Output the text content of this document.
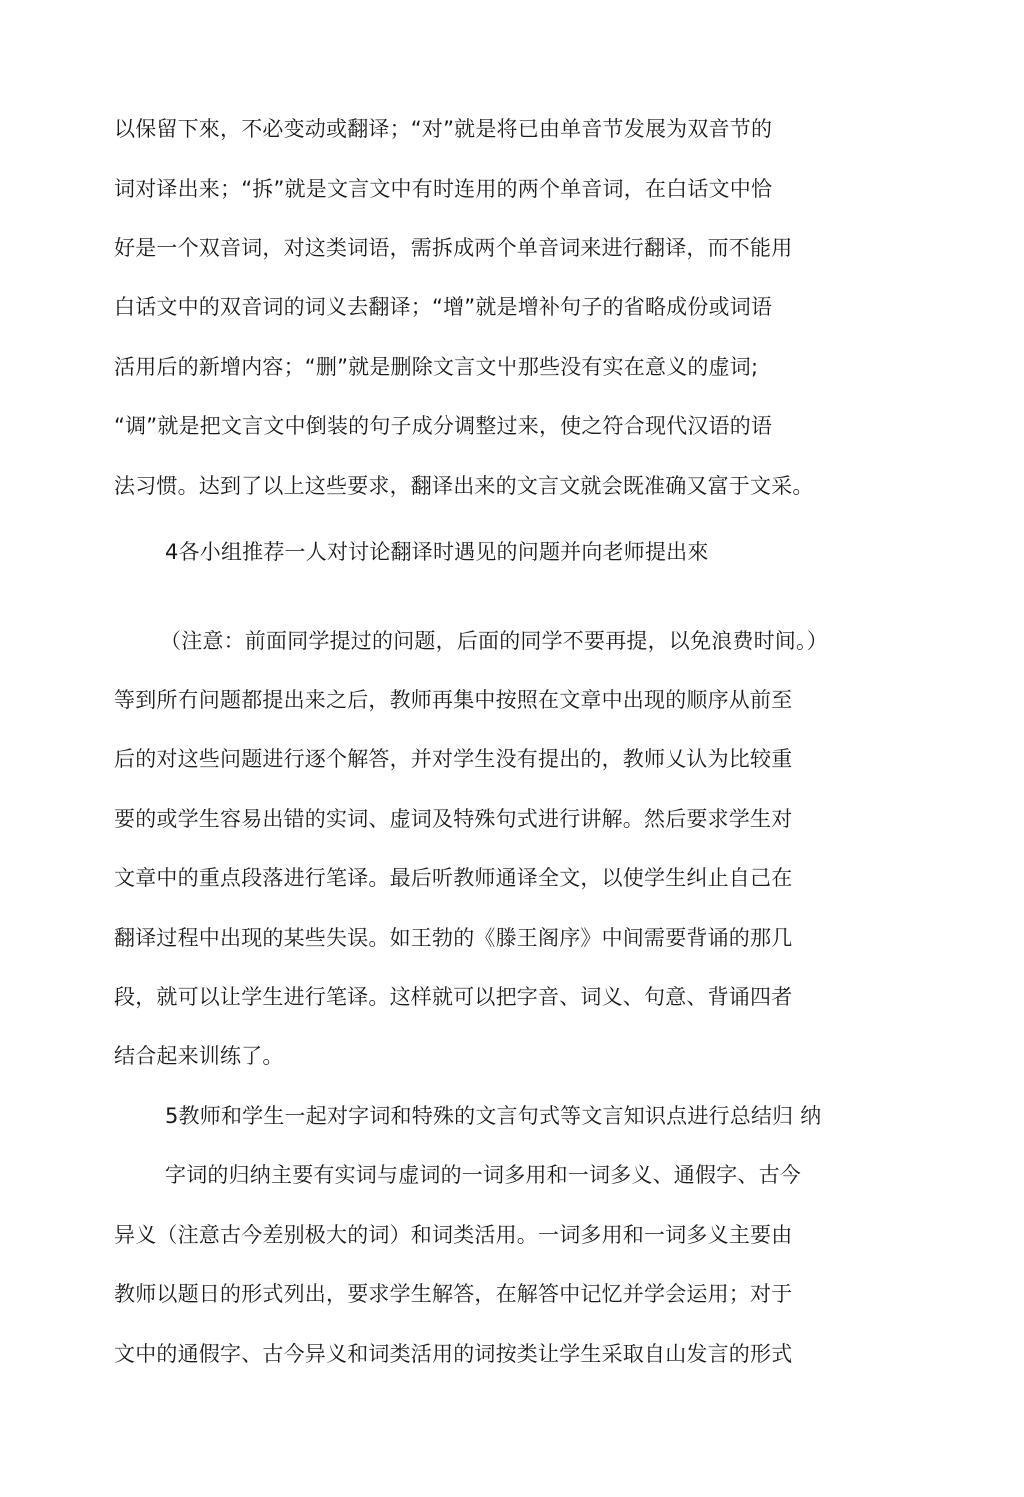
以保留下來，不必变动或翻译；“对”就是将已由单音节发展为双音节的
词对译出来；“拆”就是文言文中有时连用的两个单音词，在白话文中恰
好是一个双音词，对这类词语，需拆成两个单音词来进行翻译，而不能用
白话文中的双音词的词义去翻译；“增”就是增补句子的省略成份或词语
活用后的新增内容；“删”就是删除文言文屮那些没有实在意义的虚词;
“调”就是把文言文中倒装的句子成分调整过来，使之符合现代汉语的语
法习惯。达到了以上这些要求，翻译出来的文言文就会既准确又富于文采。
4各小组推荐一人对讨论翻译时遇见的问题并向老师提出來
（注意：前面同学提过的问题，后面的同学不要再提，以免浪费时间。）
等到所冇问题都提出来之后，教师再集中按照在文章中出现的顺序从前至
后的对这些问题进行逐个解答，并对学生没有提出的，教师乂认为比较重
要的或学生容易出错的实词、虚词及特殊句式进行讲解。然后要求学生对
文章中的重点段落进行笔译。最后听教师通译全文，以使学生纠止自己在
翻译过程中出现的某些失误。如王勃的《滕王阁序》中间需要背诵的那几
段，就可以让学生进行笔译。这样就可以把字音、词义、句意、背诵四者
结合起来训练了。
5教师和学生一起对字词和特殊的文言句式等文言知识点进行总结归 纳
字词的归纳主要有实词与虚词的一词多用和一词多义、通假字、古今
异义（注意古今差别极大的词）和词类活用。一词多用和一词多义主要由
教师以题日的形式列出，要求学生解答，在解答中记忆并学会运用；对于
文中的通假字、古今异义和词类活用的词按类让学生采取自山发言的形式
